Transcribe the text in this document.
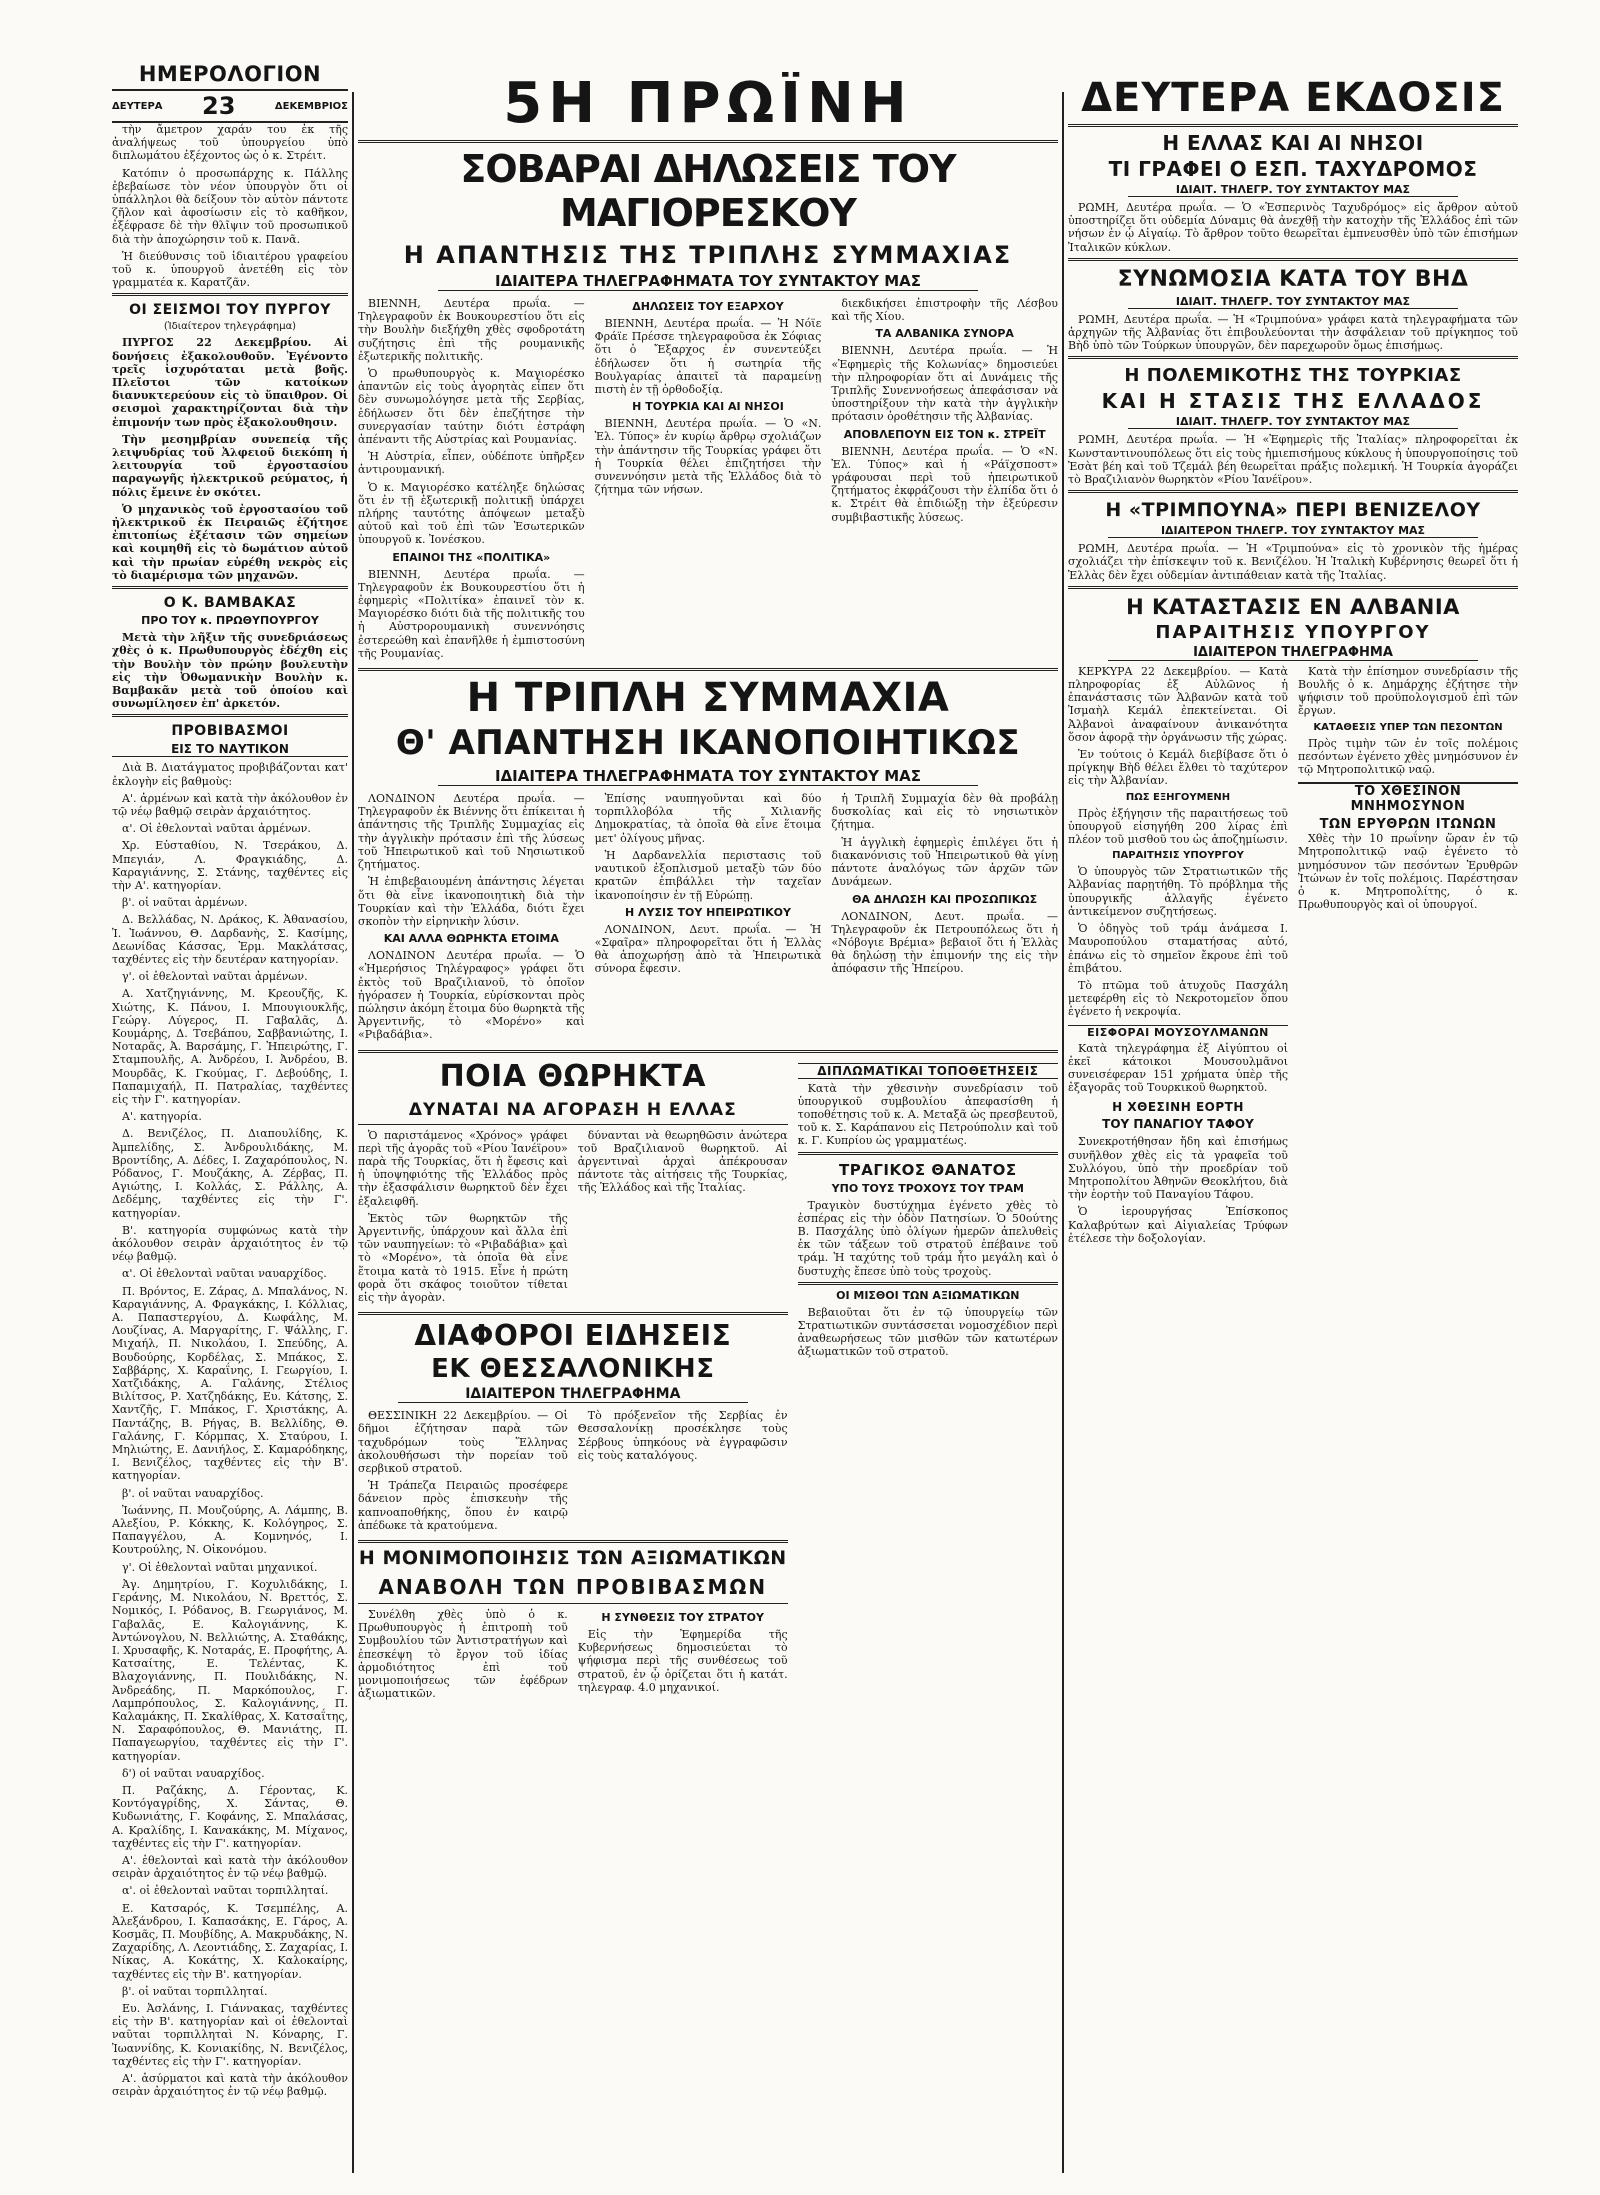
ΗΜΕΡΟΛΟΓΙΟΝ
ΔΕΥΤΕΡΑ 23	ΔΕΚΕΜΒΡΙΟΣ

τὴν ἄμετρον χαράν του ἐκ τῆς ἀναλήψεως τοῦ ὑπουργείου ὑπὸ διπλωμάτου ἐξέχοντος ὡς ὁ κ. Στρέιτ.

Κατόπιν ὁ προσωπάρχης κ. Πάλλης ἐβεβαίωσε τὸν νέον ὑπουργὸν ὅτι οἱ ὑπάλληλοι θὰ δείξουν τὸν αὐτὸν πάντοτε ζῆλον καὶ ἀφοσίωσιν εἰς τὸ καθῆκον, ἐξέφρασε δὲ τὴν θλῖψιν τοῦ προσωπικοῦ διὰ τὴν ἀποχώρησιν τοῦ κ. Πανᾶ.

Ἡ διεύθυνσις τοῦ ἰδιαιτέρου γραφείου τοῦ κ. ὑπουργοῦ ἀνετέθη εἰς τὸν γραμματέα κ. Καρατζᾶν.

ΟΙ ΣΕΙΣΜΟΙ ΤΟΥ ΠΥΡΓΟΥ
(Ἰδιαίτερον τηλεγράφημα)

ΠΥΡΓΟΣ 22 Δεκεμβρίου. Αἱ δονήσεις ἐξακολουθοῦν. Ἐγένοντο τρεῖς ἰσχυρόταται μετὰ βοῆς. Πλεῖστοι τῶν κατοίκων διανυκτερεύουν εἰς τὸ ὕπαιθρον. Οἱ σεισμοὶ χαρακτηρίζονται διὰ τὴν ἐπιμονήν των πρὸς ἐξακολουθησιν.

Τὴν μεσημβρίαν συνεπείᾳ τῆς λειψυδρίας τοῦ Ἀλφειοῦ διεκόπη ἡ λειτουργία τοῦ ἐργοστασίου παραγωγῆς ἠλεκτρικοῦ ρεύματος, ἡ πόλις ἔμεινε ἐν σκότει.

Ὁ μηχανικὸς τοῦ ἐργοστασίου τοῦ ἠλεκτρικοῦ ἐκ Πειραιῶς ἐζήτησε ἐπιτοπίως ἐξέτασιν τῶν σημείων καὶ κοιμηθῆ εἰς τὸ δωμάτιον αὐτοῦ καὶ τὴν πρωίαν εὑρέθη νεκρὸς εἰς τὸ διαμέρισμα τῶν μηχανῶν.

Ο Κ. ΒΑΜΒΑΚΑΣ
ΠΡΟ ΤΟΥ κ. ΠΡΩΘΥΠΟΥΡΓΟΥ

Μετὰ τὴν λῆξιν τῆς συνεδριάσεως χθὲς ὁ κ. Πρωθυπουργὸς ἐδέχθη εἰς τὴν Βουλὴν τὸν πρώην βουλευτὴν εἰς τὴν Ὀθωμανικὴν Βουλὴν κ. Βαμβακᾶν μετὰ τοῦ ὁποίου καὶ συνωμίλησεν ἐπ' ἀρκετόν.

ΠΡΟΒΙΒΑΣΜΟΙ
ΕΙΣ ΤΟ ΝΑΥΤΙΚΟΝ

Διὰ Β. Διατάγματος προβιβάζονται κατ' ἐκλογὴν εἰς βαθμοὺς:

Α'. ἀρμένων καὶ κατὰ τὴν ἀκόλουθον ἐν τῷ νέῳ βαθμῷ σειρὰν ἀρχαιότητος.

α'. Οἱ ἐθελονταὶ ναῦται ἀρμένων.

Χρ. Εὐσταθίου, Ν. Τσεράκου, Δ. Μπεγιάν, Λ. Φραγκιάδης, Δ. Καραγιάννης, Σ. Στάνης, ταχθέντες εἰς τὴν Α'. κατηγορίαν.

β'. οἱ ναῦται ἀρμένων.

Δ. Βελλάδας, Ν. Δράκος, Κ. Ἀθανασίου, Ἰ. Ἰωάννου, Θ. Δαρδανὴς, Σ. Κασίμης, Δεωνίδας Κάσσας, Ἑρμ. Μακλάτσας, ταχθέντες εἰς τὴν δευτέραν κατηγορίαν.

γ'. οἱ ἐθελονταὶ ναῦται ἀρμένων.

Α. Χατζηγιάννης, Μ. Κρεουζῆς, Κ. Χιώτης, Κ. Πάνου, Ι. Μπουγιουκλῆς, Γεώργ. Λύγερος, Π. Γαβαλᾶς, Δ. Κουμάρης, Δ. Τσεβάπου, Σαββανιώτης, Ι. Νοταρᾶς, Ἀ. Βαρσάμης, Γ. Ἠπειρώτης, Γ. Σταμπουλῆς, Α. Ἀνδρέου, Ι. Ἀνδρέου, Β. Μουρδᾶς, Κ. Γκούμας, Γ. Δεβούδης, Ι. Παπαμιχαήλ, Π. Πατραλίας, ταχθέντες εἰς τὴν Γ'. κατηγορίαν.

Α'. κατηγορία.

Δ. Βενιζέλος, Π. Διαπουλίδης, Κ. Ἀμπελίδης, Σ. Ἀνδρουλιδάκης, Μ. Βροντίδης, Α. Δέδες, Ι. Ζαχαρόπουλος, Ν. Ρόδανος, Γ. Μουζάκης, Α. Ζέρβας, Π. Αγιώτης, Ι. Κολλάς, Σ. Ράλλης, Α. Δεδέμης, ταχθέντες εἰς τὴν Γ'. κατηγορίαν.

Β'. κατηγορία συμφώνως κατὰ τὴν ἀκόλουθον σειρὰν ἀρχαιότητος ἐν τῷ νέῳ βαθμῷ.

α'. Οἱ ἐθελονταὶ ναῦται ναυαρχίδος.

Π. Βρόντος, Ε. Ζάρας, Δ. Μπαλάνος, Ν. Καραγιάννης, Α. Φραγκάκης, Ι. Κόλλιας, Α. Παπαστεργίου, Δ. Κωφάλης, Μ. Λουζίνας, Α. Μαργαρίτης, Γ. Ψάλλης, Γ. Μιχαήλ, Π. Νικολάου, Ι. Σπεύδης, Α. Βουδούρης, Κορδέλας, Σ. Μπάκος, Σ. Σαββάρης, Χ. Καραΐνης, Ι. Γεωργίου, Ι. Χατζιδάκης, Α. Γαλάνης, Στέλιος Βιλίτσος, Ρ. Χατζηδάκης, Ευ. Κάτσης, Σ. Χαντζῆς, Γ. Μπάκος, Γ. Χριστάκης, Α. Παντάζης, Β. Ρήγας, Β. Βελλίδης, Θ. Γαλάνης, Γ. Κόρμπας, Χ. Σταύρου, Ι. Μηλιώτης, Ε. Δανιήλος, Σ. Καμαρόδηκης, Ι. Βενιζέλος, ταχθέντες εἰς τὴν Β'. κατηγορίαν.

β'. οἱ ναῦται ναυαρχίδος.

Ἰωάννης, Π. Μουζούρης, Α. Λάμπης, Β. Αλεξίου, Ρ. Κόκκης, Κ. Κολόγηρος, Σ. Παπαγγέλου, Α. Κομνηνός, Ι. Κουτρούλης, Ν. Οἰκονόμου.

γ'. Οἱ ἐθελονταὶ ναῦται μηχανικοί.

Ἀγ. Δημητρίου, Γ. Κοχυλιδάκης, Ι. Γεράνης, Μ. Νικολάου, Ν. Βρεττός, Σ. Νομικός, Ι. Ρόδανος, Β. Γεωργιάνος, Μ. Γαβαλᾶς, Ε. Καλογιάννης, Κ. Ἀντώνογλου, Ν. Βελλιώτης, Α. Σταθάκης, Ι. Χρυσαφῆς, Κ. Νοταράς, Ε. Προφήτης, Α. Κατσαίτης, Ε. Τελέντας, Κ. Βλαχογιάννης, Π. Πουλιδάκης, Ν. Ἀνδρεάδης, Π. Μαρκόπουλος, Γ. Λαμπρόπουλος, Σ. Καλογιάννης, Π. Καλαμάκης, Π. Σκαλίθρας, Χ. Κατσαΐτης, Ν. Σαραφόπουλος, Θ. Μανιάτης, Π. Παπαγεωργίου, ταχθέντες εἰς τὴν Γ'. κατηγορίαν.

δ') οἱ ναῦται ναυαρχίδος.

Π. Ραζάκης, Δ. Γέροντας, Κ. Κοντόγαγρίδης, Χ. Σάντας, Θ. Κυδωνιάτης, Γ. Κοφάνης, Σ. Μπαλάσας, Α. Κραλίδης, Ι. Κανακάκης, Μ. Μίχανος, ταχθέντες εἰς τὴν Γ'. κατηγορίαν.

Α'. ἐθελονταὶ καὶ κατὰ τὴν ἀκόλουθον σειρὰν ἀρχαιότητος ἐν τῷ νέῳ βαθμῷ.

α'. οἱ ἐθελονταὶ ναῦται τορπιλληταί.

Ε. Κατσαρός, Κ. Τσεμπέλης, Α. Ἀλεξάνδρου, Ι. Καπασάκης, Ε. Γάρος, Α. Κοσμᾶς, Π. Μουβίδης, Α. Μακρυδάκης, Ν. Ζαχαρίδης, Λ. Λεοντιάδης, Σ. Ζαχαρίας, Ι. Νίκας, Α. Κοκάτης, Χ. Καλοκαίρης, ταχθέντες εἰς τὴν Β'. κατηγορίαν.

β'. οἱ ναῦται τορπιλληταί.

Ευ. Ἀσλάνης, Ι. Γιάννακας, ταχθέντες εἰς τὴν Β'. κατηγορίαν καὶ οἱ ἐθελονταὶ ναῦται τορπιλληταὶ Ν. Κόναρης, Γ. Ἰωαννίδης, Κ. Κονιακίδης, Ν. Βενιζέλος, ταχθέντες εἰς τὴν Γ'. κατηγορίαν.

Α'. ἀσύρματοι καὶ κατὰ τὴν ἀκόλουθον σειρὰν ἀρχαιότητος ἐν τῷ νέῳ βαθμῷ.

5Η ΠΡΩΪΝΗ
ΣΟΒΑΡΑΙ ΔΗΛΩΣΕΙΣ ΤΟΥ ΜΑΓΙΟΡΕΣΚΟΥ
Η ΑΠΑΝΤΗΣΙΣ ΤΗΣ ΤΡΙΠΛΗΣ ΣΥΜΜΑΧΙΑΣ
ΙΔΙΑΙΤΕΡΑ ΤΗΛΕΓΡΑΦΗΜΑΤΑ ΤΟΥ ΣΥΝΤΑΚΤΟΥ ΜΑΣ

ΒΙΕΝΝΗ, Δευτέρα πρωΐα. — Τηλεγραφοῦν ἐκ Βουκουρεστίου ὅτι εἰς τὴν Βουλὴν διεξήχθη χθὲς σφοδροτάτη συζήτησις ἐπὶ τῆς ρουμανικῆς ἐξωτερικῆς πολιτικῆς.

Ὁ πρωθυπουργὸς κ. Μαγιορέσκο ἀπαντῶν εἰς τοὺς ἀγορητὰς εἶπεν ὅτι δὲν συνωμολόγησε μετὰ τῆς Σερβίας, ἐδήλωσεν ὅτι δὲν ἐπεζήτησε τὴν συνεργασίαν ταύτην διότι ἐστράφη ἀπέναντι τῆς Αὐστρίας καὶ Ρουμανίας.

Ἡ Αὐστρία, εἶπεν, οὐδέποτε ὑπῆρξεν ἀντιρουμανική.

Ὁ κ. Μαγιορέσκο κατέληξε δηλώσας ὅτι ἐν τῇ ἐξωτερικῇ πολιτικῇ ὑπάρχει πλήρης ταυτότης ἀπόψεων μεταξὺ αὐτοῦ καὶ τοῦ ἐπὶ τῶν Ἐσωτερικῶν ὑπουργοῦ κ. Ἰονέσκου.

ΕΠΑΙΝΟΙ ΤΗΣ «ΠΟΛΙΤΙΚΑ»

ΒΙΕΝΝΗ, Δευτέρα πρωΐα. — Τηλεγραφοῦν ἐκ Βουκουρεστίου ὅτι ἡ ἐφημερὶς «Πολιτίκα» ἐπαινεῖ τὸν κ. Μαγιορέσκο διότι διὰ τῆς πολιτικῆς του ἡ Αὐστρορουμανικὴ συνεννόησις ἐστερεώθη καὶ ἐπανῆλθε ἡ ἐμπιστοσύνη τῆς Ρουμανίας.

ΔΗΛΩΣΕΙΣ ΤΟΥ ΕΞΑΡΧΟΥ

ΒΙΕΝΝΗ, Δευτέρα πρωΐα. — Ἡ Νόϊε Φράϊε Πρέσσε τηλεγραφοῦσα ἐκ Σόφιας ὅτι ὁ Ἔξαρχος ἐν συνεντεύξει ἐδήλωσεν ὅτι ἡ σωτηρία τῆς Βουλγαρίας ἀπαιτεῖ τὰ παραμείνῃ πιστὴ ἐν τῇ ὀρθοδοξίᾳ.

Η ΤΟΥΡΚΙΑ ΚΑΙ ΑΙ ΝΗΣΟΙ

ΒΙΕΝΝΗ, Δευτέρα πρωΐα. — Ὁ «Ν. Ἐλ. Τύπος» ἐν κυρίῳ ἄρθρῳ σχολιάζων τὴν ἀπάντησιν τῆς Τουρκίας γράφει ὅτι ἡ Τουρκία θέλει ἐπιζητήσει τὴν συνεννόησιν μετὰ τῆς Ἑλλάδος διὰ τὸ ζήτημα τῶν νήσων.

διεκδικήσει ἐπιστροφὴν τῆς Λέσβου καὶ τῆς Χίου.

ΤΑ ΑΛΒΑΝΙΚΑ ΣΥΝΟΡΑ

ΒΙΕΝΝΗ, Δευτέρα πρωΐα. — Ἡ «Ἐφημερὶς τῆς Κολωνίας» δημοσιεύει τὴν πληροφορίαν ὅτι αἱ Δυνάμεις τῆς Τριπλῆς Συνεννοήσεως ἀπεφάσισαν νὰ ὑποστηρίξουν τὴν κατὰ τὴν ἀγγλικὴν πρότασιν ὁροθέτησιν τῆς Ἀλβανίας.

ΑΠΟΒΛΕΠΟΥΝ ΕΙΣ ΤΟΝ κ. ΣΤΡΕΪΤ

ΒΙΕΝΝΗ, Δευτέρα πρωΐα. — Ὁ «Ν. Ἐλ. Τύπος» καὶ ἡ «Ράϊχσποστ» γράφουσαι περὶ τοῦ ἠπειρωτικοῦ ζητήματος ἐκφράζουσι τὴν ἐλπίδα ὅτι ὁ κ. Στρέιτ θὰ ἐπιδιώξῃ τὴν ἐξεύρεσιν συμβιβαστικῆς λύσεως.

Η ΤΡΙΠΛΗ ΣΥΜΜΑΧΙΑ
Θ' ΑΠΑΝΤΗΣΗ ΙΚΑΝΟΠΟΙΗΤΙΚΩΣ
ΙΔΙΑΙΤΕΡΑ ΤΗΛΕΓΡΑΦΗΜΑΤΑ ΤΟΥ ΣΥΝΤΑΚΤΟΥ ΜΑΣ

ΛΟΝΔΙΝΟΝ Δευτέρα πρωΐα. — Τηλεγραφοῦν ἐκ Βιέννης ὅτι ἐπίκειται ἡ ἀπάντησις τῆς Τριπλῆς Συμμαχίας εἰς τὴν ἀγγλικὴν πρότασιν ἐπὶ τῆς λύσεως τοῦ Ἠπειρωτικοῦ καὶ τοῦ Νησιωτικοῦ ζητήματος.

Ἡ ἐπιβεβαιουμένη ἀπάντησις λέγεται ὅτι θὰ εἶνε ἱκανοποιητικὴ διὰ τὴν Τουρκίαν καὶ τὴν Ἑλλάδα, διότι ἔχει σκοπὸν τὴν εἰρηνικὴν λύσιν.

ΚΑΙ ΑΛΛΑ ΘΩΡΗΚΤΑ ΕΤΟΙΜΑ

ΛΟΝΔΙΝΟΝ Δευτέρα πρωΐα. — Ὁ «Ἡμερήσιος Τηλέγραφος» γράφει ὅτι ἐκτὸς τοῦ Βραζιλιανοῦ, τὸ ὁποῖον ἠγόρασεν ἡ Τουρκία, εὑρίσκονται πρὸς πώλησιν ἀκόμη ἕτοιμα δύο θωρηκτὰ τῆς Ἀργεντινῆς, τὸ «Μορένο» καὶ «Ριβαδάβια».

Ἐπίσης ναυπηγοῦνται καὶ δύο τορπιλλοβόλα τῆς Χιλιανῆς Δημοκρατίας, τὰ ὁποῖα θὰ εἶνε ἕτοιμα μετ' ὀλίγους μῆνας.

Ἡ Δαρδανελλία περιστασις τοῦ ναυτικοῦ ἐξοπλισμοῦ μεταξὺ τῶν δύο κρατῶν ἐπιβάλλει τὴν ταχεῖαν ἱκανοποίησιν ἐν τῇ Εὐρώπῃ.

Η ΛΥΣΙΣ ΤΟΥ ΗΠΕΙΡΩΤΙΚΟΥ

ΛΟΝΔΙΝΟΝ, Δευτ. πρωΐα. — Ἡ «Σφαῖρα» πληροφορεῖται ὅτι ἡ Ἑλλὰς θὰ ἀποχωρήσῃ ἀπὸ τὰ Ἠπειρωτικὰ σύνορα ἔφεσιν.

ἡ Τριπλῆ Συμμαχία δὲν θὰ προβάλῃ δυσκολίας καὶ εἰς τὸ νησιωτικὸν ζήτημα.

Ἡ ἀγγλικὴ ἐφημερὶς ἐπιλέγει ὅτι ἡ διακανόνισις τοῦ Ἠπειρωτικοῦ θὰ γίνῃ πάντοτε ἀναλόγως τῶν ἀρχῶν τῶν Δυνάμεων.

ΘΑ ΔΗΛΩΣΗ ΚΑΙ ΠΡΟΣΩΠΙΚΩΣ

ΛΟΝΔΙΝΟΝ, Δευτ. πρωΐα. — Τηλεγραφοῦν ἐκ Πετρουπόλεως ὅτι ἡ «Νόβογιε Βρέμια» βεβαιοῖ ὅτι ἡ Ἑλλὰς θὰ δηλώσῃ τὴν ἐπιμονήν της εἰς τὴν ἀπόφασιν τῆς Ἠπείρου.

ΠΟΙΑ ΘΩΡΗΚΤΑ
ΔΥΝΑΤΑΙ ΝΑ ΑΓΟΡΑΣΗ Η ΕΛΛΑΣ

Ὁ παριστάμενος «Χρόνος» γράφει περὶ τῆς ἀγορᾶς τοῦ «Ρίου Ἰανέϊρου» παρὰ τῆς Τουρκίας, ὅτι ἡ ἔφεσις καὶ ἡ ὑποψηφιότης τῆς Ἑλλάδος πρὸς τὴν ἐξασφάλισιν θωρηκτοῦ δὲν ἔχει ἐξαλειφθῆ.

Ἐκτὸς τῶν θωρηκτῶν τῆς Ἀργεντινῆς, ὑπάρχουν καὶ ἄλλα ἐπὶ τῶν ναυπηγείων: τὸ «Ριβαδάβια» καὶ τὸ «Μορένο», τὰ ὁποῖα θὰ εἶνε ἕτοιμα κατὰ τὸ 1915. Εἶνε ἡ πρώτη φορὰ ὅτι σκάφος τοιοῦτον τίθεται εἰς τὴν ἀγορὰν.

δύνανται νὰ θεωρηθῶσιν ἀνώτερα τοῦ Βραζιλιανοῦ θωρηκτοῦ. Αἱ ἀργεντιναὶ ἀρχαὶ ἀπέκρουσαν πάντοτε τὰς αἰτήσεις τῆς Τουρκίας, τῆς Ἑλλάδος καὶ τῆς Ἰταλίας.

ΔΙΑΦΟΡΟΙ ΕΙΔΗΣΕΙΣ
ΕΚ ΘΕΣΣΑΛΟΝΙΚΗΣ
ΙΔΙΑΙΤΕΡΟΝ ΤΗΛΕΓΡΑΦΗΜΑ

ΘΕΣΣΙΝΙΚΗ 22 Δεκεμβρίου. — Οἱ δῆμοι ἐζήτησαν παρὰ τῶν ταχυδρόμων τοὺς Ἕλληνας ἀκολουθήσωσι τὴν πορείαν τοῦ σερβικοῦ στρατοῦ.

Ἡ Τράπεζα Πειραιῶς προσέφερε δάνειον πρὸς ἐπισκευὴν τῆς καπνοαποθήκης, ὅπου ἐν καιρῷ ἀπέδωκε τὰ κρατούμενα.

Τὸ πρόξενεῖον τῆς Σερβίας ἐν Θεσσαλονίκῃ προσέκλησε τοὺς Σέρβους ὑπηκόους νὰ ἐγγραφῶσιν εἰς τοὺς καταλόγους.

Η ΜΟΝΙΜΟΠΟΙΗΣΙΣ ΤΩΝ ΑΞΙΩΜΑΤΙΚΩΝ
ΑΝΑΒΟΛΗ ΤΩΝ ΠΡΟΒΙΒΑΣΜΩΝ

Συνέλθη χθὲς ὑπὸ ὁ κ. Πρωθυπουργὸς ἡ ἐπιτροπὴ τοῦ Συμβουλίου τῶν Ἀντιστρατήγων καὶ ἐπεσκέψη τὸ ἔργον τοῦ ἰδίας ἀρμοδιότητος ἐπὶ τοῦ μονιμοποιήσεως τῶν ἐφέδρων ἀξιωματικῶν.

Η ΣΥΝΘΕΣΙΣ ΤΟΥ ΣΤΡΑΤΟΥ

Εἰς τὴν Ἐφημερίδα τῆς Κυβερνήσεως δημοσιεύεται τὸ ψήφισμα περὶ τῆς συνθέσεως τοῦ στρατοῦ, ἐν ᾧ ὁρίζεται ὅτι ἡ κατάτ. τηλεγραφ. 4.0 μηχανικοί.

ΔΙΠΛΩΜΑΤΙΚΑΙ ΤΟΠΟΘΕΤΗΣΕΙΣ

Κατὰ τὴν χθεσινὴν συνεδρίασιν τοῦ ὑπουργικοῦ συμβουλίου ἀπεφασίσθη ἡ τοποθέτησις τοῦ κ. Α. Μεταξᾶ ὡς πρεσβευτοῦ, τοῦ κ. Σ. Καράπανου εἰς Πετρούπολιν καὶ τοῦ κ. Γ. Κυπρίου ὡς γραμματέως.

ΤΡΑΓΙΚΟΣ ΘΑΝΑΤΟΣ
ΥΠΟ ΤΟΥΣ ΤΡΟΧΟΥΣ ΤΟΥ ΤΡΑΜ

Τραγικὸν δυστύχημα ἐγένετο χθὲς τὸ ἑσπέρας εἰς τὴν ὁδὸν Πατησίων. Ὁ 50ούτης Β. Πασχάλης ὑπὸ ὀλίγων ἡμερῶν ἀπελυθεὶς ἐκ τῶν τάξεων τοῦ στρατοῦ ἐπέβαινε τοῦ τράμ. Ἡ ταχύτης τοῦ τράμ ἦτο μεγάλη καὶ ὁ δυστυχὴς ἔπεσε ὑπὸ τοὺς τροχοὺς.

ΟΙ ΜΙΣΘΟΙ ΤΩΝ ΑΞΙΩΜΑΤΙΚΩΝ

Βεβαιοῦται ὅτι ἐν τῷ ὑπουργείῳ τῶν Στρατιωτικῶν συντάσσεται νομοσχέδιον περὶ ἀναθεωρήσεως τῶν μισθῶν τῶν κατωτέρων ἀξιωματικῶν τοῦ στρατοῦ.

ΔΕΥΤΕΡΑ ΕΚΔΟΣΙΣ
Η ΕΛΛΑΣ ΚΑΙ ΑΙ ΝΗΣΟΙ
ΤΙ ΓΡΑΦΕΙ Ο ΕΣΠ. ΤΑΧΥΔΡΟΜΟΣ
ΙΔΙΑΙΤ. ΤΗΛΕΓΡ. ΤΟΥ ΣΥΝΤΑΚΤΟΥ ΜΑΣ

ΡΩΜΗ, Δευτέρα πρωΐα. — Ὁ «Ἑσπερινὸς Ταχυδρόμος» εἰς ἄρθρον αὐτοῦ ὑποστηρίζει ὅτι οὐδεμία Δύναμις θὰ ἀνεχθῇ τὴν κατοχὴν τῆς Ἑλλάδος ἐπὶ τῶν νήσων ἐν ᾧ Αἰγαίῳ. Τὸ ἄρθρον τοῦτο θεωρεῖται ἐμπνευσθὲν ὑπὸ τῶν ἐπισήμων Ἰταλικῶν κύκλων.

ΣΥΝΩΜΟΣΙΑ ΚΑΤΑ ΤΟΥ ΒΗΔ
ΙΔΙΑΙΤ. ΤΗΛΕΓΡ. ΤΟΥ ΣΥΝΤΑΚΤΟΥ ΜΑΣ

ΡΩΜΗ, Δευτέρα πρωΐα. — Ἡ «Τριμπούνα» γράφει κατὰ τηλεγραφήματα τῶν ἀρχηγῶν τῆς Ἀλβανίας ὅτι ἐπιβουλεύονται τὴν ἀσφάλειαν τοῦ πρίγκηπος τοῦ Βὴδ ὑπὸ τῶν Τούρκων ὑπουργῶν, δὲν παρεχωροῦν ὅμως ἐπισήμως.

Η ΠΟΛΕΜΙΚΟΤΗΣ ΤΗΣ ΤΟΥΡΚΙΑΣ
ΚΑΙ Η ΣΤΑΣΙΣ ΤΗΣ ΕΛΛΑΔΟΣ
ΙΔΙΑΙΤ. ΤΗΛΕΓΡ. ΤΟΥ ΣΥΝΤΑΚΤΟΥ ΜΑΣ

ΡΩΜΗ, Δευτέρα πρωΐα. — Ἡ «Ἐφημερὶς τῆς Ἰταλίας» πληροφορεῖται ἐκ Κωνσταντινουπόλεως ὅτι εἰς τοὺς ἡμιεπισήμους κύκλους ἡ ὑπουργοποίησις τοῦ Ἐσὰτ βέη καὶ τοῦ Τζεμάλ βέη θεωρεῖται πράξις πολεμική. Ἡ Τουρκία ἀγοράζει τὸ Βραζιλιανὸν θωρηκτὸν «Ρίου Ἰανέϊρου».

Η «ΤΡΙΜΠΟΥΝΑ» ΠΕΡΙ ΒΕΝΙΖΕΛΟΥ
ΙΔΙΑΙΤΕΡΟΝ ΤΗΛΕΓΡ. ΤΟΥ ΣΥΝΤΑΚΤΟΥ ΜΑΣ

ΡΩΜΗ, Δευτέρα πρωΐα. — Ἡ «Τριμπούνα» εἰς τὸ χρονικὸν τῆς ἡμέρας σχολιάζει τὴν ἐπίσκεψιν τοῦ κ. Βενιζέλου. Ἡ Ἰταλικὴ Κυβέρνησις θεωρεῖ ὅτι ἡ Ἑλλὰς δὲν ἔχει οὐδεμίαν ἀντιπάθειαν κατὰ τῆς Ἰταλίας.

Η ΚΑΤΑΣΤΑΣΙΣ ΕΝ ΑΛΒΑΝΙΑ
ΠΑΡΑΙΤΗΣΙΣ ΥΠΟΥΡΓΟΥ
ΙΔΙΑΙΤΕΡΟΝ ΤΗΛΕΓΡΑΦΗΜΑ

ΚΕΡΚΥΡΑ 22 Δεκεμβρίου. — Κατὰ πληροφορίας ἐξ Αὐλῶνος ἡ ἐπανάστασις τῶν Ἀλβανῶν κατὰ τοῦ Ἰσμαὴλ Κεμάλ ἐπεκτείνεται. Οἱ Ἀλβανοὶ ἀναφαίνουν ἀνικανότητα ὅσον ἀφορᾷ τὴν ὀργάνωσιν τῆς χώρας.

Ἐν τούτοις ὁ Κεμάλ διεβίβασε ὅτι ὁ πρίγκηψ Βὴδ θέλει ἔλθει τὸ ταχύτερον εἰς τὴν Ἀλβανίαν.

ΠΩΣ ΕΞΗΓΟΥΜΕΝΗ

Πρὸς ἐξήγησιν τῆς παραιτήσεως τοῦ ὑπουργοῦ εἰσηγήθη 200 λίρας ἐπὶ πλέον τοῦ μισθοῦ του ὡς ἀποζημίωσιν.

ΠΑΡΑΙΤΗΣΙΣ ΥΠΟΥΡΓΟΥ

Ὁ ὑπουργὸς τῶν Στρατιωτικῶν τῆς Ἀλβανίας παρῃτήθη. Τὸ πρόβλημα τῆς ὑπουργικῆς ἀλλαγῆς ἐγένετο ἀντικείμενον συζητήσεως.

Ὁ ὁδηγὸς τοῦ τράμ ἀνάμεσα Ι. Μαυροπούλου σταματήσας αὐτό, ἐπάνω εἰς τὸ σημεῖον ἔκρουε ἐπὶ τοῦ ἐπιβάτου.

Τὸ πτῶμα τοῦ ἀτυχοῦς Πασχάλη μετεφέρθη εἰς τὸ Νεκροτομεῖον ὅπου ἐγένετο ἡ νεκροψία.

ΕΙΣΦΟΡΑΙ ΜΟΥΣΟΥΛΜΑΝΩΝ

Κατὰ τηλεγράφημα ἐξ Αἰγύπτου οἱ ἐκεῖ κάτοικοι Μουσουλμᾶνοι συνεισέφεραν 151 χρήματα ὑπὲρ τῆς ἐξαγορᾶς τοῦ Τουρκικοῦ θωρηκτοῦ.

Η ΧΘΕΣΙΝΗ ΕΟΡΤΗ
ΤΟΥ ΠΑΝΑΓΙΟΥ ΤΑΦΟΥ

Συνεκροτήθησαν ἤδη καὶ ἐπισήμως συνῆλθον χθὲς εἰς τὰ γραφεῖα τοῦ Συλλόγου, ὑπὸ τὴν προεδρίαν τοῦ Μητροπολίτου Ἀθηνῶν Θεοκλήτου, διὰ τὴν ἐορτὴν τοῦ Παναγίου Τάφου.

Ὁ ἱερουργήσας Ἐπίσκοπος Καλαβρύτων καὶ Αἰγιαλείας Τρύφων ἐτέλεσε τὴν δοξολογίαν.

Κατὰ τὴν ἐπίσημον συνεδρίασιν τῆς Βουλῆς ὁ κ. Δημάρχης ἐζήτησε τὴν ψήφισιν τοῦ προϋπολογισμοῦ ἐπὶ τῶν ἔργων.

ΚΑΤΑΘΕΣΙΣ ΥΠΕΡ ΤΩΝ ΠΕΣΟΝΤΩΝ

Πρὸς τιμὴν τῶν ἐν τοῖς πολέμοις πεσόντων ἐγένετο χθὲς μνημόσυνον ἐν τῷ Μητροπολιτικῷ ναῷ.

ΤΟ ΧΘΕΣΙΝΟΝ ΜΝΗΜΟΣΥΝΟΝ
ΤΩΝ ΕΡΥΘΡΩΝ ΙΤΩΝΩΝ

Χθὲς τὴν 10 πρωΐνην ὥραν ἐν τῷ Μητροπολιτικῷ ναῷ ἐγένετο τὸ μνημόσυνον τῶν πεσόντων Ἐρυθρῶν Ἰτώνων ἐν τοῖς πολέμοις. Παρέστησαν ὁ κ. Μητροπολίτης, ὁ κ. Πρωθυπουργὸς καὶ οἱ ὑπουργοί.
